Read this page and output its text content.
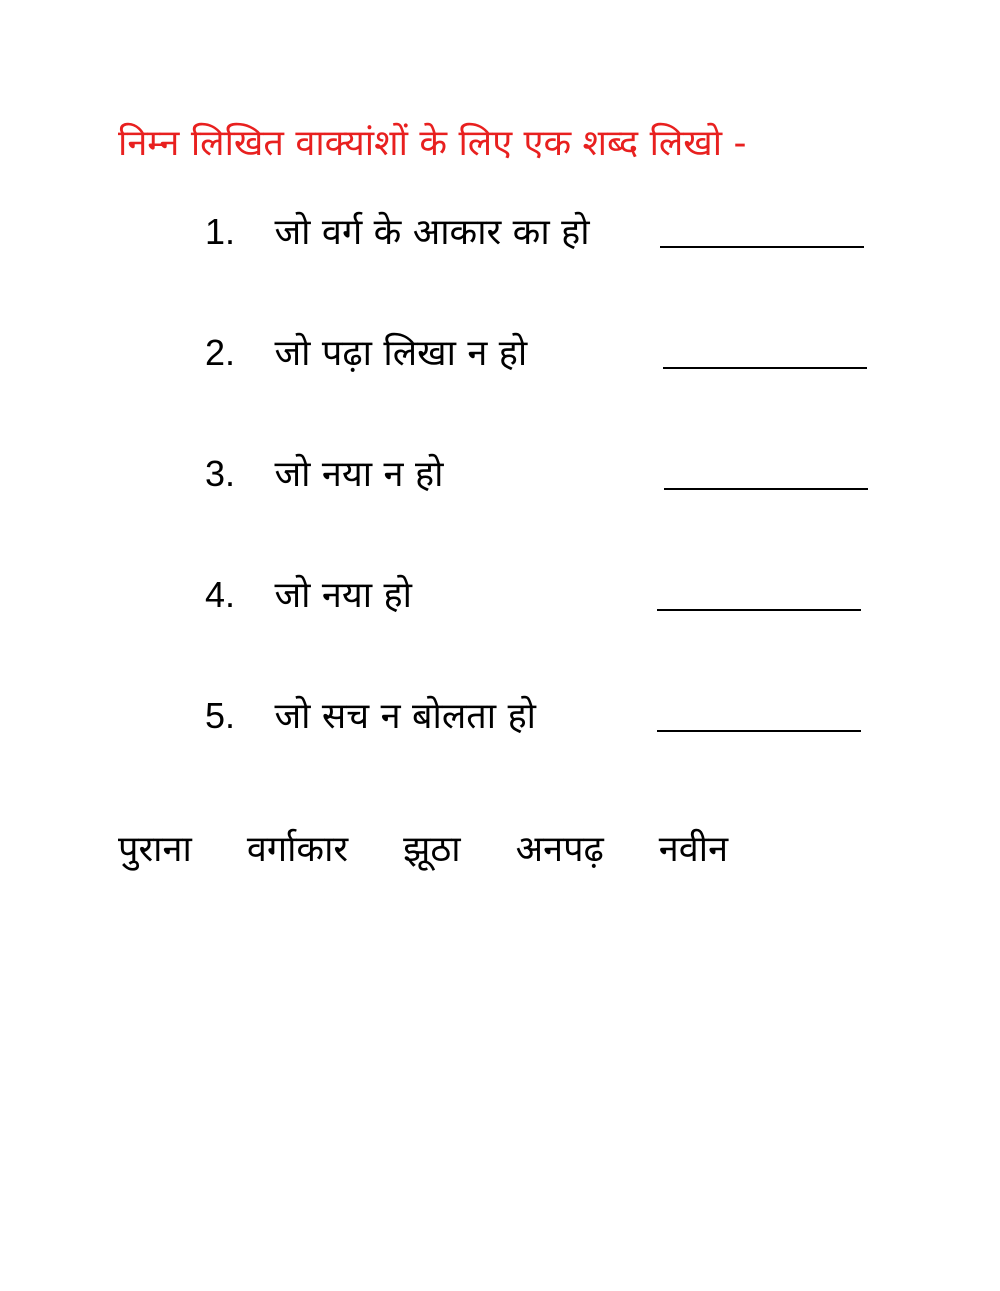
निम्न लिखित वाक्यांशों के लिए एक शब्द लिखो -
1. जो वर्ग के आकार का हो
2. जो पढ़ा लिखा न हो
3. जो नया न हो
4. जो नया हो
5. जो सच न बोलता हो
पुराना वर्गाकार झूठा अनपढ़ नवीन
